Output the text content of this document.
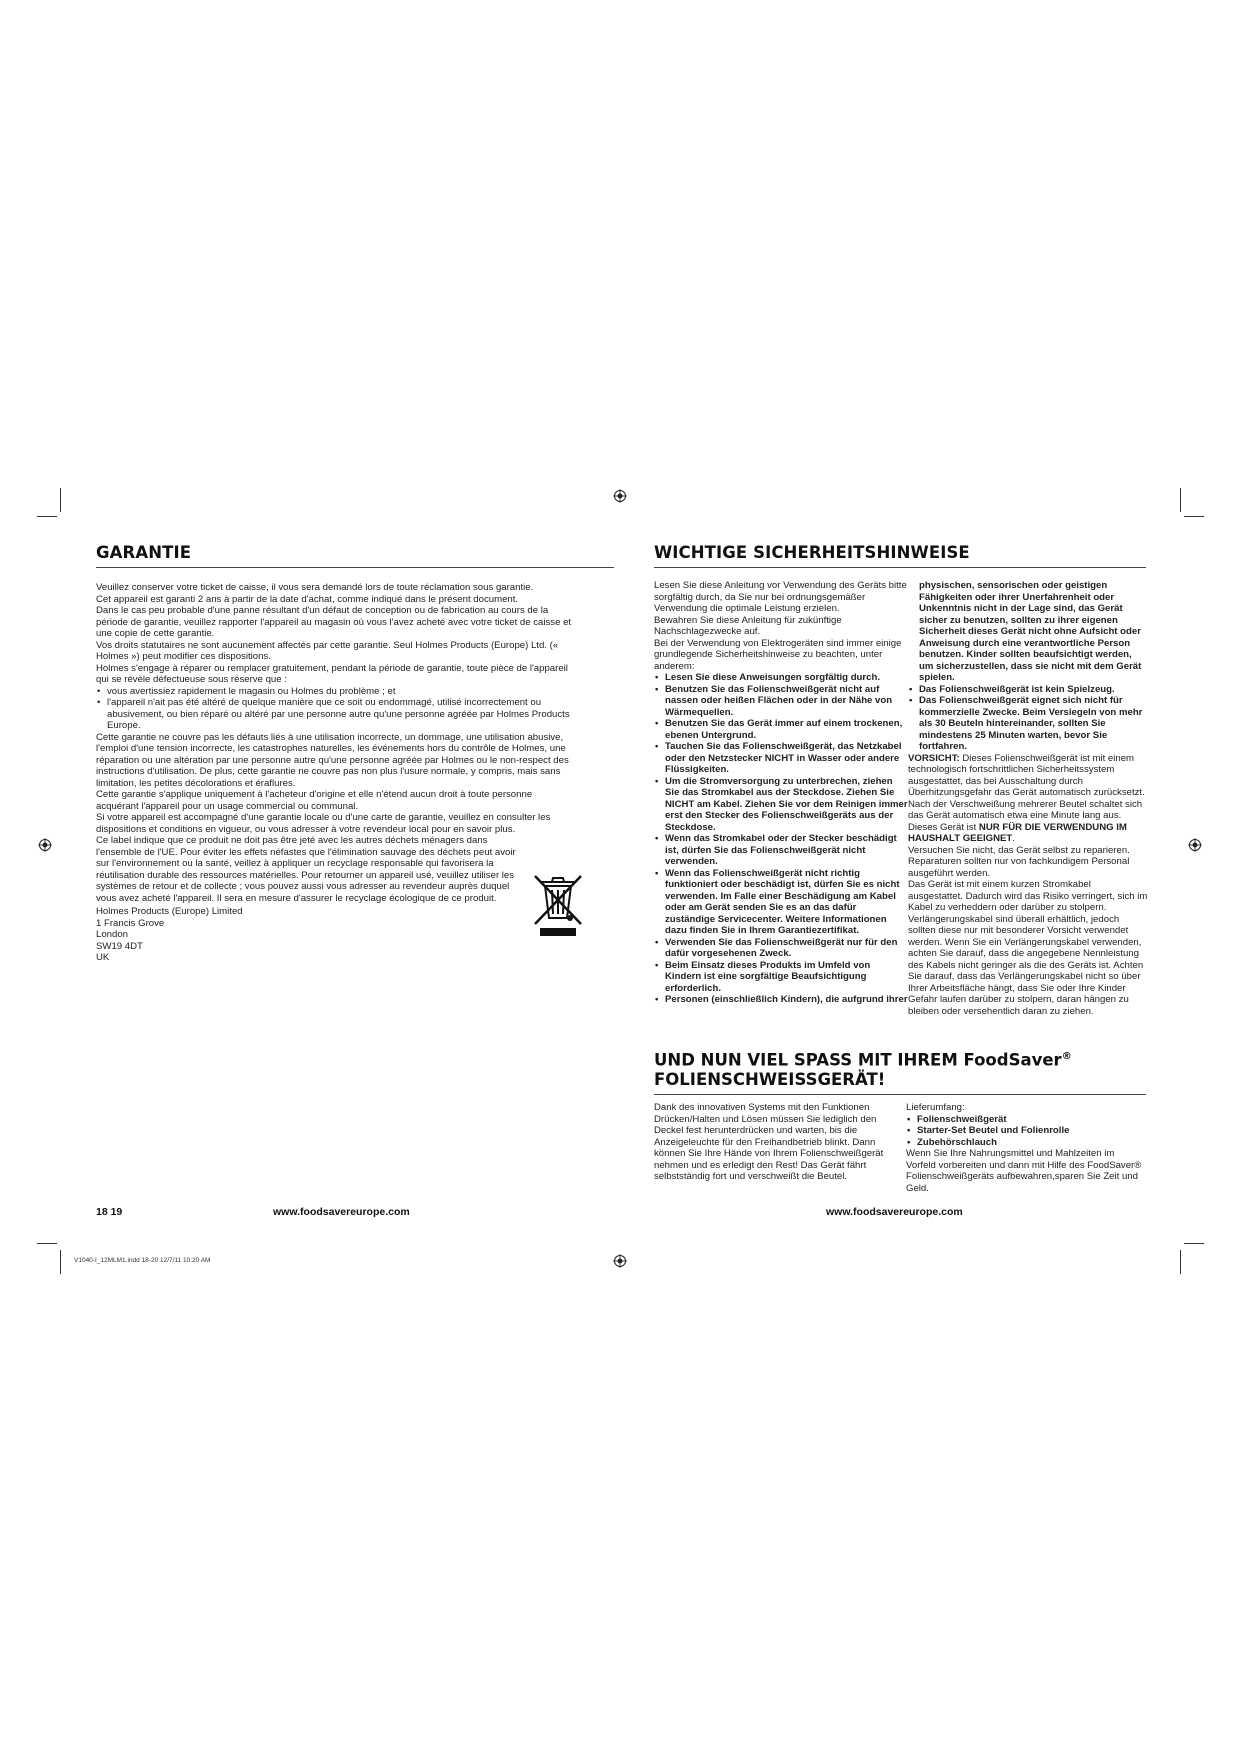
GARANTIE

Veuillez conserver votre ticket de caisse, il vous sera demandé lors de toute réclamation sous garantie.

Cet appareil est garanti 2 ans à partir de la date d'achat, comme indiqué dans le présent document.

Dans le cas peu probable d'une panne résultant d'un défaut de conception ou de fabrication au cours de la période de garantie, veuillez rapporter l'appareil au magasin où vous l'avez acheté avec votre ticket de caisse et une copie de cette garantie.

Vos droits statutaires ne sont aucunement affectés par cette garantie. Seul Holmes Products (Europe) Ltd. (« Holmes ») peut modifier ces dispositions.

Holmes s'engage à réparer ou remplacer gratuitement, pendant la période de garantie, toute pièce de l'appareil qui se révèle défectueuse sous réserve que :

• vous avertissiez rapidement le magasin ou Holmes du problème ; et
• l'appareil n'ait pas été altéré de quelque manière que ce soit ou endommagé, utilisé incorrectement ou abusivement, ou bien réparé ou altéré par une personne autre qu'une personne agréée par Holmes Products Europe.

Cette garantie ne couvre pas les défauts liés à une utilisation incorrecte, un dommage, une utilisation abusive, l'emploi d'une tension incorrecte, les catastrophes naturelles, les événements hors du contrôle de Holmes, une réparation ou une altération par une personne autre qu'une personne agréée par Holmes ou le non-respect des instructions d'utilisation. De plus, cette garantie ne couvre pas non plus l'usure normale, y compris, mais sans limitation, les petites décolorations et éraflures.

Cette garantie s'applique uniquement à l'acheteur d'origine et elle n'étend aucun droit à toute personne acquérant l'appareil pour un usage commercial ou communal.

Si votre appareil est accompagné d'une garantie locale ou d'une carte de garantie, veuillez en consulter les dispositions et conditions en vigueur, ou vous adresser à votre revendeur local pour en savoir plus.

Ce label indique que ce produit ne doit pas être jeté avec les autres déchets ménagers dans l'ensemble de l'UE. Pour éviter les effets néfastes que l'élimination sauvage des déchets peut avoir sur l'environnement ou la santé, veillez à appliquer un recyclage responsable qui favorisera la réutilisation durable des ressources matérielles. Pour retourner un appareil usé, veuillez utiliser les systèmes de retour et de collecte ; vous pouvez aussi vous adresser au revendeur auprès duquel vous avez acheté l'appareil. Il sera en mesure d'assurer le recyclage écologique de ce produit.

Holmes Products (Europe) Limited

1 Francis Grove

London

SW19 4DT

UK

18 19	www.foodsavereurope.com
WICHTIGE SICHERHEITSHINWEISE

Lesen Sie diese Anleitung vor Verwendung des Geräts bitte sorgfältig durch, da Sie nur bei ordnungsgemäßer Verwendung die optimale Leistung erzielen.

Bewahren Sie diese Anleitung für zukünftige Nachschlagezwecke auf.

Bei der Verwendung von Elektrogeräten sind immer einige grundlegende Sicherheitshinweise zu beachten, unter anderem:

• Lesen Sie diese Anweisungen sorgfältig durch.
• Benutzen Sie das Folienschweißgerät nicht auf nassen oder heißen Flächen oder in der Nähe von Wärmequellen.
• Benutzen Sie das Gerät immer auf einem trockenen, ebenen Untergrund.
• Tauchen Sie das Folienschweißgerät, das Netzkabel oder den Netzstecker NICHT in Wasser oder andere Flüssigkeiten.
• Um die Stromversorgung zu unterbrechen, ziehen Sie das Stromkabel aus der Steckdose. Ziehen Sie NICHT am Kabel. Ziehen Sie vor dem Reinigen immer erst den Stecker des Folienschweißgeräts aus der Steckdose.
• Wenn das Stromkabel oder der Stecker beschädigt ist, dürfen Sie das Folienschweißgerät nicht verwenden.
• Wenn das Folienschweißgerät nicht richtig funktioniert oder beschädigt ist, dürfen Sie es nicht verwenden. Im Falle einer Beschädigung am Kabel oder am Gerät senden Sie es an das dafür zuständige Servicecenter. Weitere Informationen dazu finden Sie in Ihrem Garantiezertifikat.
• Verwenden Sie das Folienschweißgerät nur für den dafür vorgesehenen Zweck.
• Beim Einsatz dieses Produkts im Umfeld von Kindern ist eine sorgfältige Beaufsichtigung erforderlich.
• Personen (einschließlich Kindern), die aufgrund ihrer

physischen, sensorischen oder geistigen Fähigkeiten oder ihrer Unerfahrenheit oder Unkenntnis nicht in der Lage sind, das Gerät sicher zu benutzen, sollten zu ihrer eigenen Sicherheit dieses Gerät nicht ohne Aufsicht oder Anweisung durch eine verantwortliche Person benutzen. Kinder sollten beaufsichtigt werden, um sicherzustellen, dass sie nicht mit dem Gerät spielen.

• Das Folienschweißgerät ist kein Spielzeug.
• Das Folienschweißgerät eignet sich nicht für kommerzielle Zwecke. Beim Versiegeln von mehr als 30 Beuteln hintereinander, sollten Sie mindestens 25 Minuten warten, bevor Sie fortfahren.

VORSICHT: Dieses Folienschweißgerät ist mit einem technologisch fortschrittlichen Sicherheitssystem ausgestattet, das bei Ausschaltung durch Überhitzungsgefahr das Gerät automatisch zurücksetzt. Nach der Verschweißung mehrerer Beutel schaltet sich das Gerät automatisch etwa eine Minute lang aus.

Dieses Gerät ist NUR FÜR DIE VERWENDUNG IM HAUSHALT GEEIGNET.

Versuchen Sie nicht, das Gerät selbst zu reparieren. Reparaturen sollten nur von fachkundigem Personal ausgeführt werden.

Das Gerät ist mit einem kurzen Stromkabel ausgestattet. Dadurch wird das Risiko verringert, sich im Kabel zu verheddern oder darüber zu stolpern. Verlängerungskabel sind überall erhältlich, jedoch sollten diese nur mit besonderer Vorsicht verwendet werden. Wenn Sie ein Verlängerungskabel verwenden, achten Sie darauf, dass die angegebene Nennleistung des Kabels nicht geringer als die des Geräts ist. Achten Sie darauf, dass das Verlängerungskabel nicht so über Ihrer Arbeitsfläche hängt, dass Sie oder Ihre Kinder Gefahr laufen darüber zu stolpern, daran hängen zu bleiben oder versehentlich daran zu ziehen.

UND NUN VIEL SPASS MIT IHREM FoodSaver®
FOLIENSCHWEISSGERÄT!

Dank des innovativen Systems mit den Funktionen Drücken/Halten und Lösen müssen Sie lediglich den Deckel fest herunterdrücken und warten, bis die Anzeigeleuchte für den Freihandbetrieb blinkt. Dann können Sie Ihre Hände von Ihrem Folienschweißgerät nehmen und es erledigt den Rest! Das Gerät fährt selbstständig fort und verschweißt die Beutel.

Lieferumfang:

• Folienschweißgerät
• Starter-Set Beutel und Folienrolle
• Zubehörschlauch

Wenn Sie Ihre Nahrungsmittel und Mahlzeiten im Vorfeld vorbereiten und dann mit Hilfe des FoodSaver® Folienschweißgeräts aufbewahren,sparen Sie Zeit und Geld.

www.foodsavereurope.com
V1040-I_12MLM1.indd 18-20 12/7/11 10:20 AM
